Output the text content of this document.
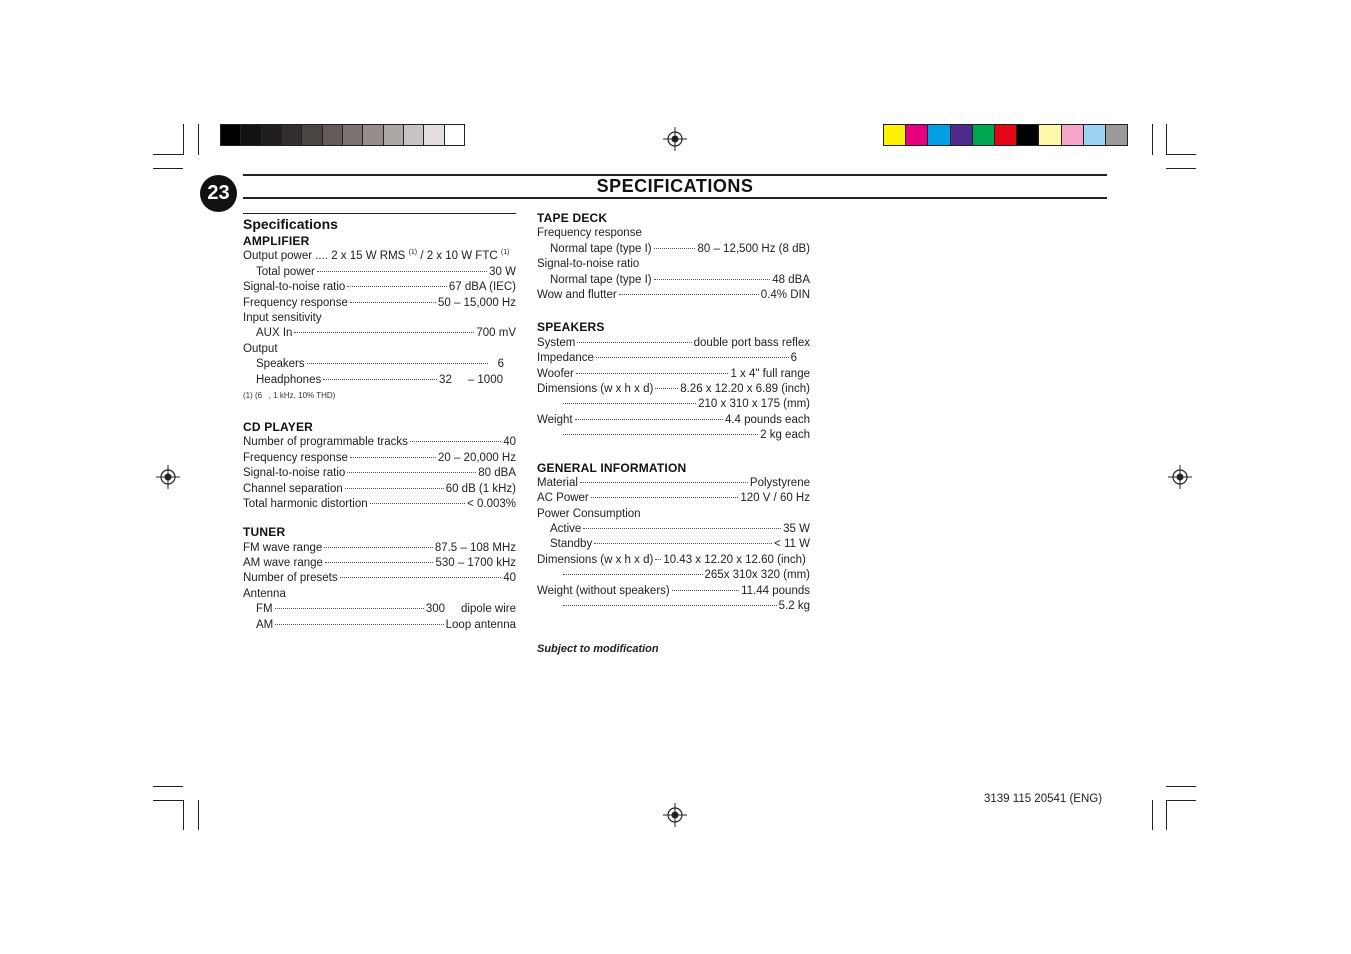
23	SPECIFICATIONS
Specifications
AMPLIFIER
Output power .... 2 x 15 W RMS $^{(1)}$ / 2 x 10 W FTC $^{(1)}$
Total power	30 W
Signal-to-noise ratio	67 dBA (IEC)
Frequency response	50 – 15,000 Hz
Input sensitivity
AUX In	700 mV
Output
Speakers	6
Headphones	32     – 1000
(1) (6   , 1 kHz, 10% THD)
CD PLAYER
Number of programmable tracks	40
Frequency response	20 – 20,000 Hz
Signal-to-noise ratio	80 dBA
Channel separation	60 dB (1 kHz)
Total harmonic distortion	< 0.003%
TUNER
FM wave range	87.5 – 108 MHz
AM wave range	530 – 1700 kHz
Number of presets	40
Antenna
FM	300     dipole wire
AM	Loop antenna
TAPE DECK
Frequency response
Normal tape (type I)	80 – 12,500 Hz (8 dB)
Signal-to-noise ratio
Normal tape (type I)	48 dBA
Wow and flutter	0.4% DIN
SPEAKERS
System	double port bass reflex
Impedance	6
Woofer	1 x 4" full range
Dimensions (w x h x d) 8.26 x 12.20 x 6.89 (inch)
210 x 310 x 175 (mm)
Weight	4.4 pounds each
2 kg each
GENERAL INFORMATION
Material	Polystyrene
AC Power	120 V / 60 Hz
Power Consumption
Active	35 W
Standby	< 11 W
Dimensions (w x h x d) 10.43 x 12.20 x 12.60 (inch)
265x 310x 320 (mm)
Weight (without speakers)	11.44 pounds
5.2 kg
Subject to modification
3139 115 20541 (ENG)
